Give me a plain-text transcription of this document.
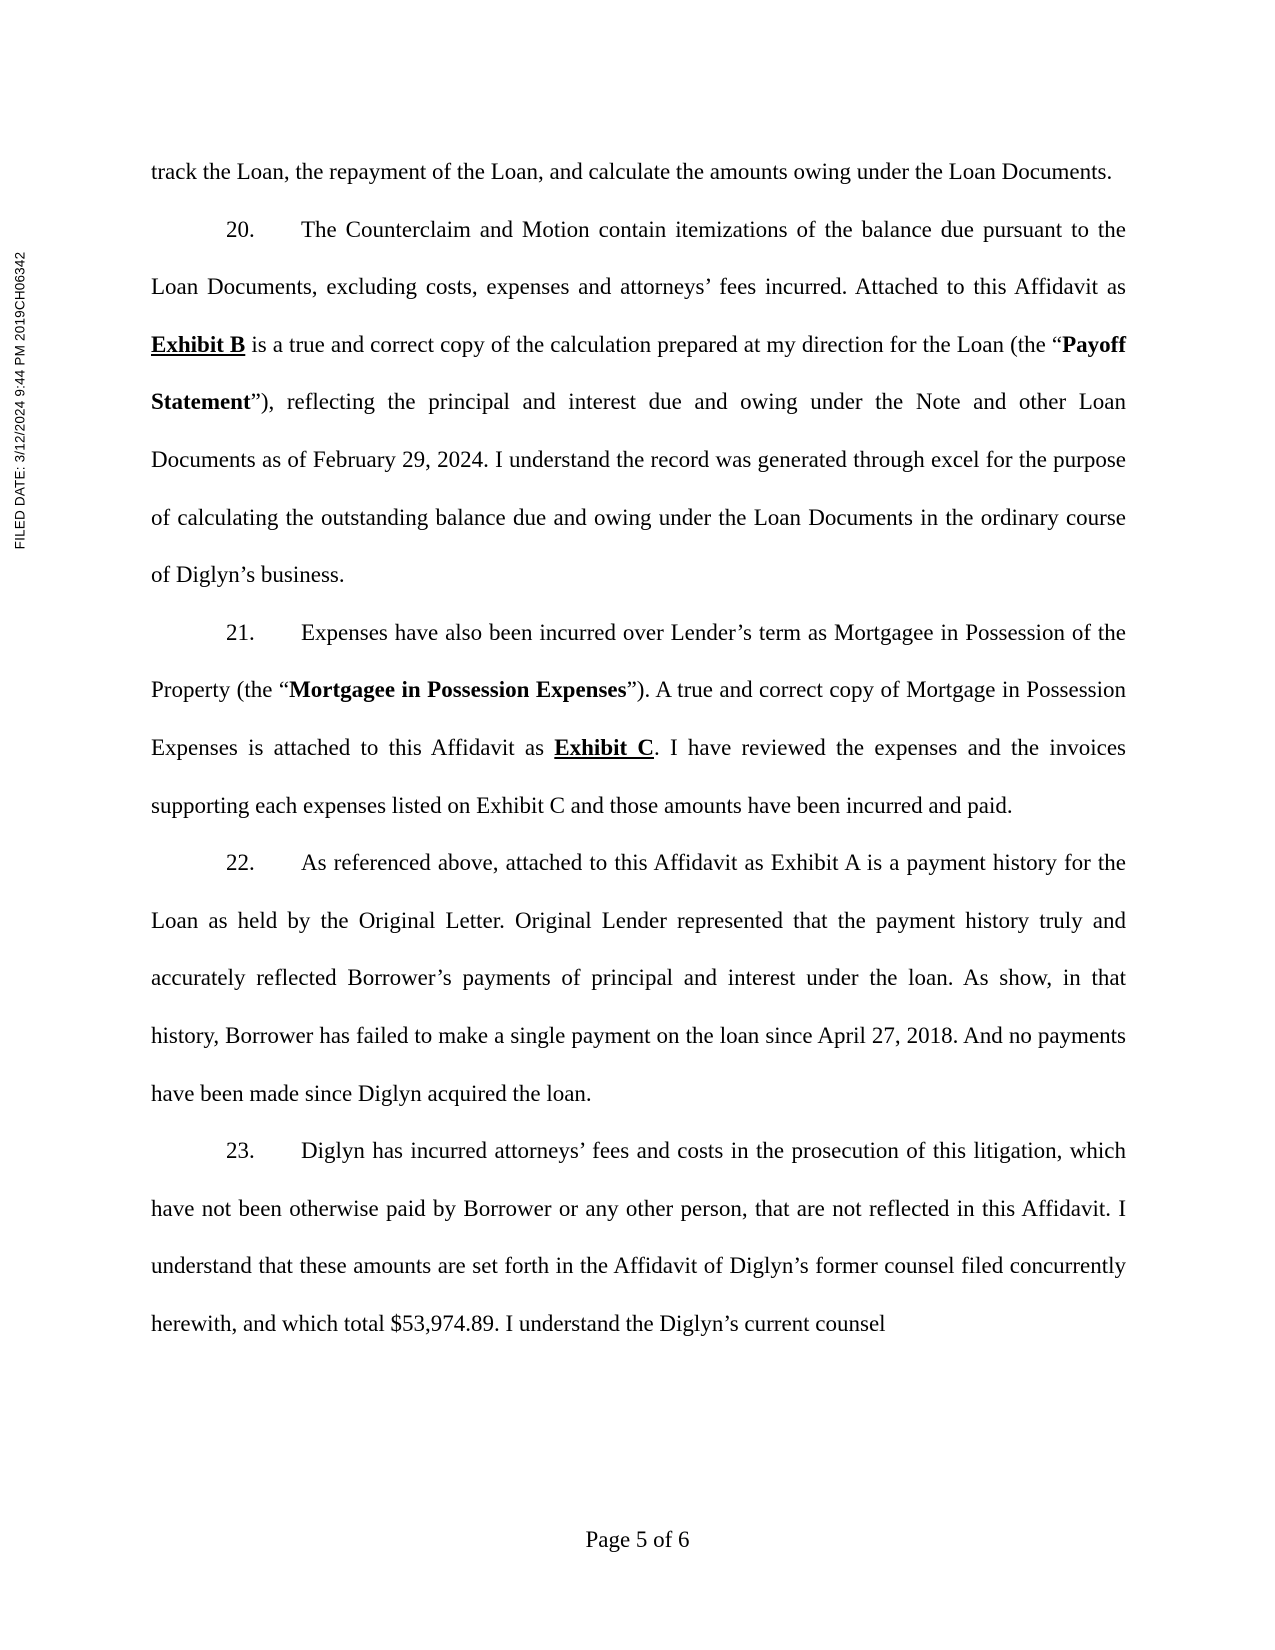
FILED DATE: 3/12/2024 9:44 PM 2019CH06342

track the Loan, the repayment of the Loan, and calculate the amounts owing under the Loan Documents.

20. The Counterclaim and Motion contain itemizations of the balance due pursuant to the Loan Documents, excluding costs, expenses and attorneys’ fees incurred. Attached to this Affidavit as Exhibit B is a true and correct copy of the calculation prepared at my direction for the Loan (the “Payoff Statement”), reflecting the principal and interest due and owing under the Note and other Loan Documents as of February 29, 2024. I understand the record was generated through excel for the purpose of calculating the outstanding balance due and owing under the Loan Documents in the ordinary course of Diglyn’s business.

21. Expenses have also been incurred over Lender’s term as Mortgagee in Possession of the Property (the “Mortgagee in Possession Expenses”). A true and correct copy of Mortgage in Possession Expenses is attached to this Affidavit as Exhibit C. I have reviewed the expenses and the invoices supporting each expenses listed on Exhibit C and those amounts have been incurred and paid.

22. As referenced above, attached to this Affidavit as Exhibit A is a payment history for the Loan as held by the Original Letter. Original Lender represented that the payment history truly and accurately reflected Borrower’s payments of principal and interest under the loan. As show, in that history, Borrower has failed to make a single payment on the loan since April 27, 2018. And no payments have been made since Diglyn acquired the loan.

23. Diglyn has incurred attorneys’ fees and costs in the prosecution of this litigation, which have not been otherwise paid by Borrower or any other person, that are not reflected in this Affidavit. I understand that these amounts are set forth in the Affidavit of Diglyn’s former counsel filed concurrently herewith, and which total $53,974.89. I understand the Diglyn’s current counsel

Page 5 of 6
